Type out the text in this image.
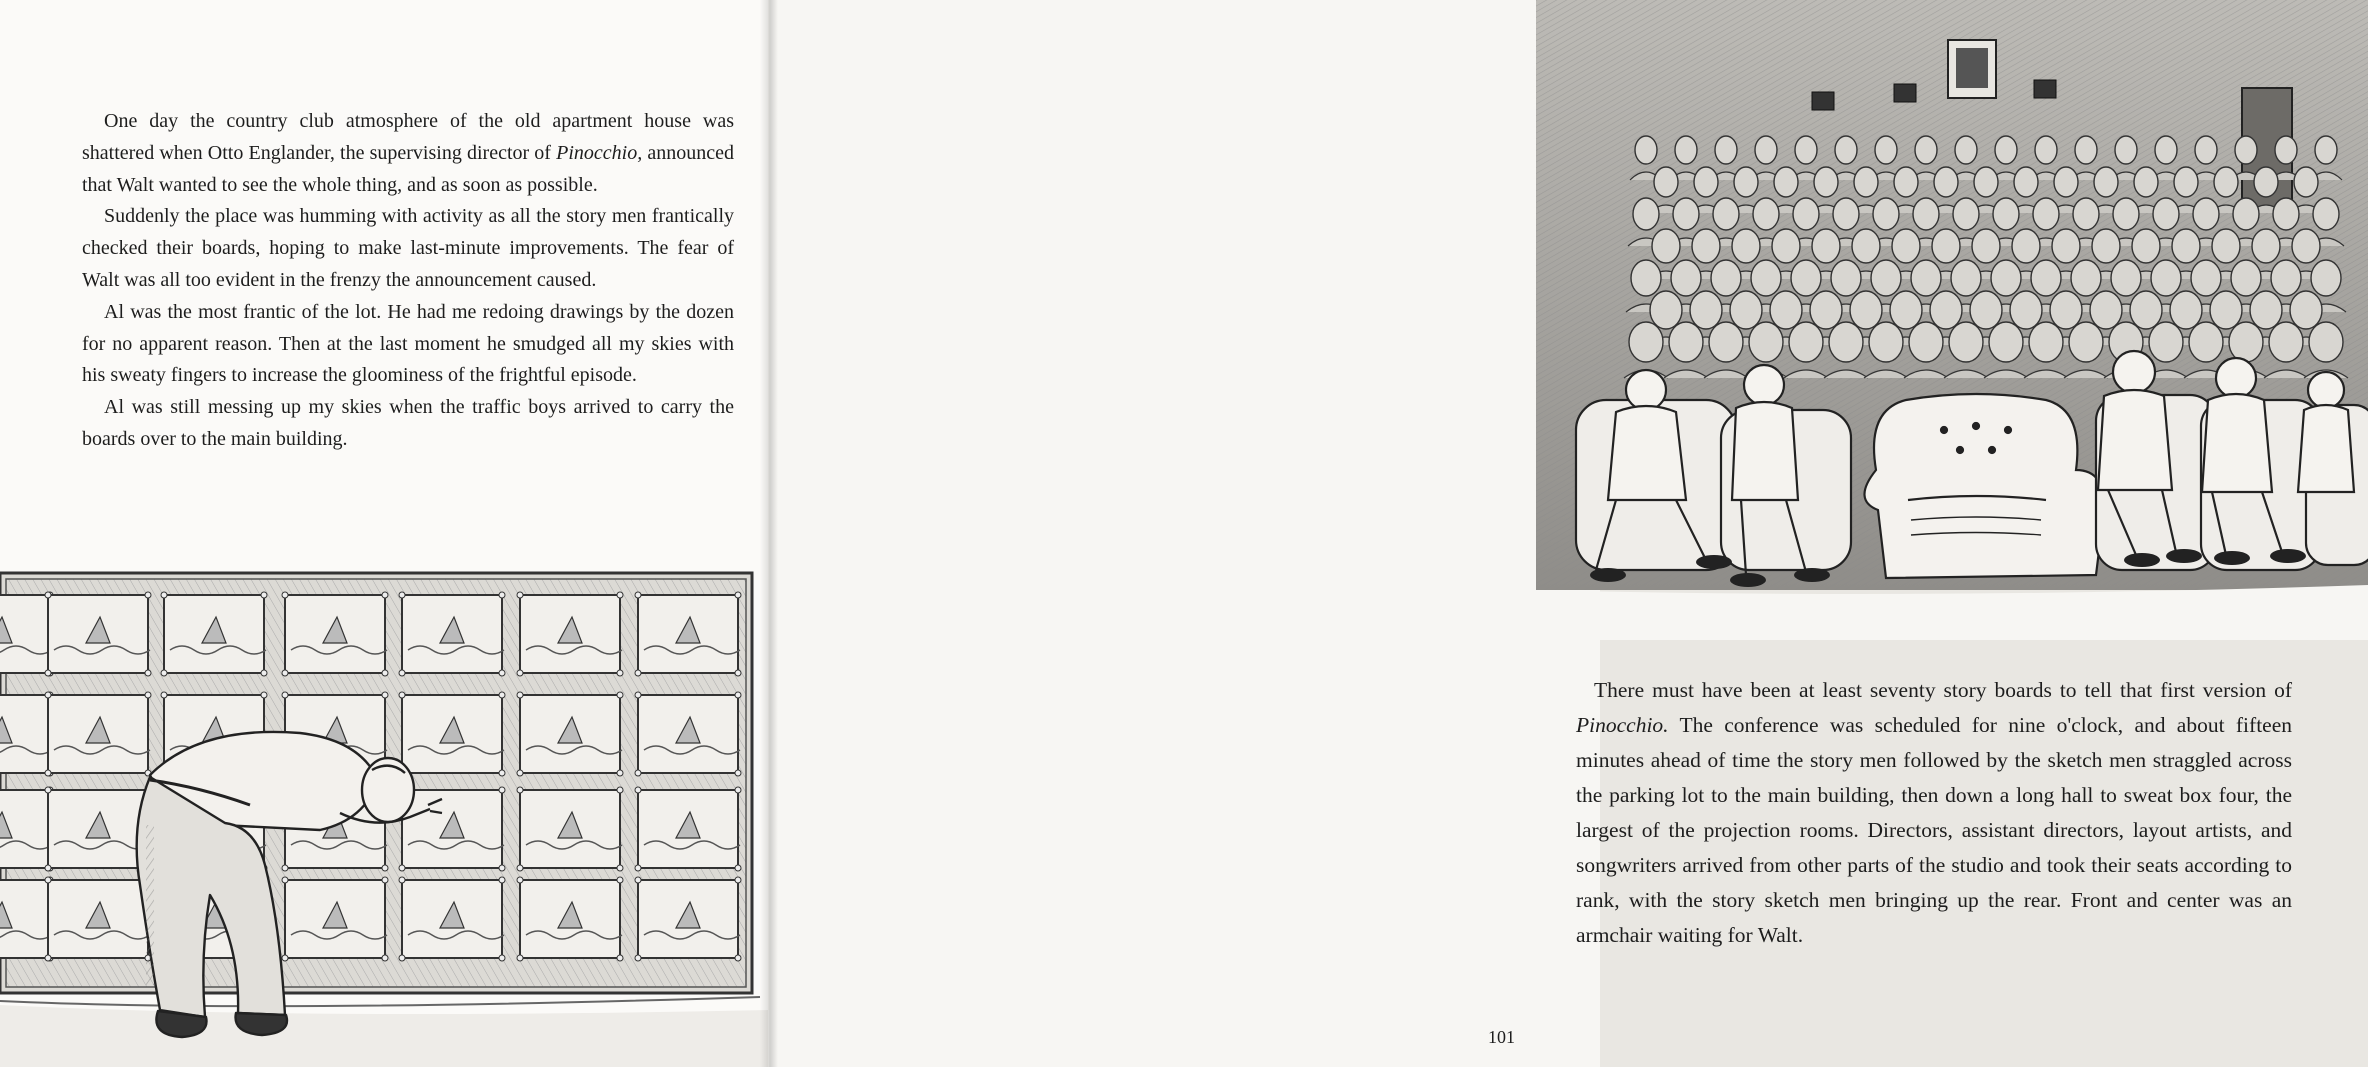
One day the country club atmosphere of the old apartment house was shattered when Otto Englander, the supervising director of Pinocchio, announced that Walt wanted to see the whole thing, and as soon as possible.

Suddenly the place was humming with activity as all the story men frantically checked their boards, hoping to make last-minute improvements. The fear of Walt was all too evident in the frenzy the announcement caused.

Al was the most frantic of the lot. He had me redoing drawings by the dozen for no apparent reason. Then at the last moment he smudged all my skies with his sweaty fingers to increase the gloominess of the frightful episode.

Al was still messing up my skies when the traffic boys arrived to carry the boards over to the main building.

There must have been at least seventy story boards to tell that first version of Pinocchio. The conference was scheduled for nine o'clock, and about fifteen minutes ahead of time the story men followed by the sketch men straggled across the parking lot to the main building, then down a long hall to sweat box four, the largest of the projection rooms. Directors, assistant directors, layout artists, and songwriters arrived from other parts of the studio and took their seats according to rank, with the story sketch men bringing up the rear. Front and center was an armchair waiting for Walt.

101
